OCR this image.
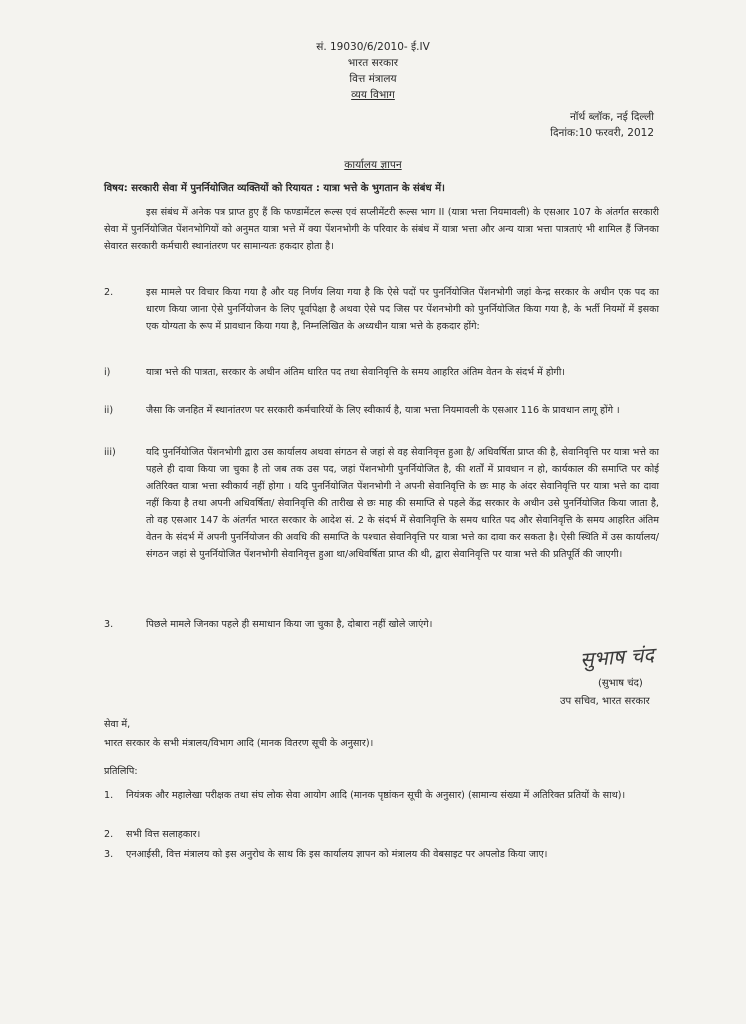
सं. 19030/6/2010- ई.IV
भारत सरकार
वित्त मंत्रालय
व्यय विभाग
नॉर्थ ब्लॉक, नई दिल्ली
दिनांक:10 फरवरी, 2012
कार्यालय ज्ञापन
विषय: सरकारी सेवा में पुनर्नियोजित व्यक्तियों को रियायत : यात्रा भत्ते के भुगतान के संबंध में।
इस संबंध में अनेक पत्र प्राप्त हुए हैं कि फण्डामेंटल रूल्स एवं सप्लीमेंटरी रूल्स भाग II (यात्रा भत्ता नियमावली) के एसआर 107 के अंतर्गत सरकारी सेवा में पुनर्नियोजित पेंशनभोगियों को अनुमत यात्रा भत्ते में क्या पेंशनभोगी के परिवार के संबंध में यात्रा भत्ता और अन्य यात्रा भत्ता पात्रताएं भी शामिल हैं जिनका सेवारत सरकारी कर्मचारी स्थानांतरण पर सामान्यतः हकदार होता है।
2.	इस मामले पर विचार किया गया है और यह निर्णय लिया गया है कि ऐसे पदों पर पुनर्नियोजित पेंशनभोगी जहां केन्द्र सरकार के अधीन एक पद का धारण किया जाना ऐसे पुनर्नियोजन के लिए पूर्वापेक्षा है अथवा ऐसे पद जिस पर पेंशनभोगी को पुनर्नियोजित किया गया है, के भर्ती नियमों में इसका एक योग्यता के रूप में प्रावधान किया गया है, निम्नलिखित के अध्यधीन यात्रा भत्ते के हकदार होंगे:
i)	यात्रा भत्ते की पात्रता, सरकार के अधीन अंतिम धारित पद तथा सेवानिवृत्ति के समय आहरित अंतिम वेतन के संदर्भ में होगी।
ii)	जैसा कि जनहित में स्थानांतरण पर सरकारी कर्मचारियों के लिए स्वीकार्य है, यात्रा भत्ता नियमावली के एसआर 116 के प्रावधान लागू होंगे ।
iii)	यदि पुनर्नियोजित पेंशनभोगी द्वारा उस कार्यालय अथवा संगठन से जहां से वह सेवानिवृत्त हुआ है/ अधिवर्षिता प्राप्त की है, सेवानिवृत्ति पर यात्रा भत्ते का पहले ही दावा किया जा चुका है तो जब तक उस पद, जहां पेंशनभोगी पुनर्नियोजित है, की शर्तों में प्रावधान न हो, कार्यकाल की समाप्ति पर कोई अतिरिक्त यात्रा भत्ता स्वीकार्य नहीं होगा । यदि पुनर्नियोजित पेंशनभोगी ने अपनी सेवानिवृत्ति के छः माह के अंदर सेवानिवृत्ति पर यात्रा भत्ते का दावा नहीं किया है तथा अपनी अधिवर्षिता/ सेवानिवृत्ति की तारीख से छः माह की समाप्ति से पहले केंद्र सरकार के अधीन उसे पुनर्नियोजित किया जाता है, तो वह एसआर 147 के अंतर्गत भारत सरकार के आदेश सं. 2 के संदर्भ में सेवानिवृत्ति के समय धारित पद और सेवानिवृत्ति के समय आहरित अंतिम वेतन के संदर्भ में अपनी पुनर्नियोजन की अवधि की समाप्ति के पश्चात सेवानिवृत्ति पर यात्रा भत्ते का दावा कर सकता है। ऐसी स्थिति में उस कार्यालय/संगठन जहां से पुनर्नियोजित पेंशनभोगी सेवानिवृत्त हुआ था/अधिवर्षिता प्राप्त की थी, द्वारा सेवानिवृत्ति पर यात्रा भत्ते की प्रतिपूर्ति की जाएगी।
3.	पिछले मामले जिनका पहले ही समाधान किया जा चुका है, दोबारा नहीं खोले जाएंगे।
सुभाष चंद
(सुभाष चंद)
उप सचिव, भारत सरकार
सेवा में,
भारत सरकार के सभी मंत्रालय/विभाग आदि (मानक वितरण सूची के अनुसार)।
प्रतिलिपि:
1. नियंत्रक और महालेखा परीक्षक तथा संघ लोक सेवा आयोग आदि (मानक पृष्ठांकन सूची के अनुसार) (सामान्य संख्या में अतिरिक्त प्रतियों के साथ)।
2. सभी वित्त सलाहकार।
3. एनआईसी, वित्त मंत्रालय को इस अनुरोध के साथ कि इस कार्यालय ज्ञापन को मंत्रालय की वेबसाइट पर अपलोड किया जाए।
